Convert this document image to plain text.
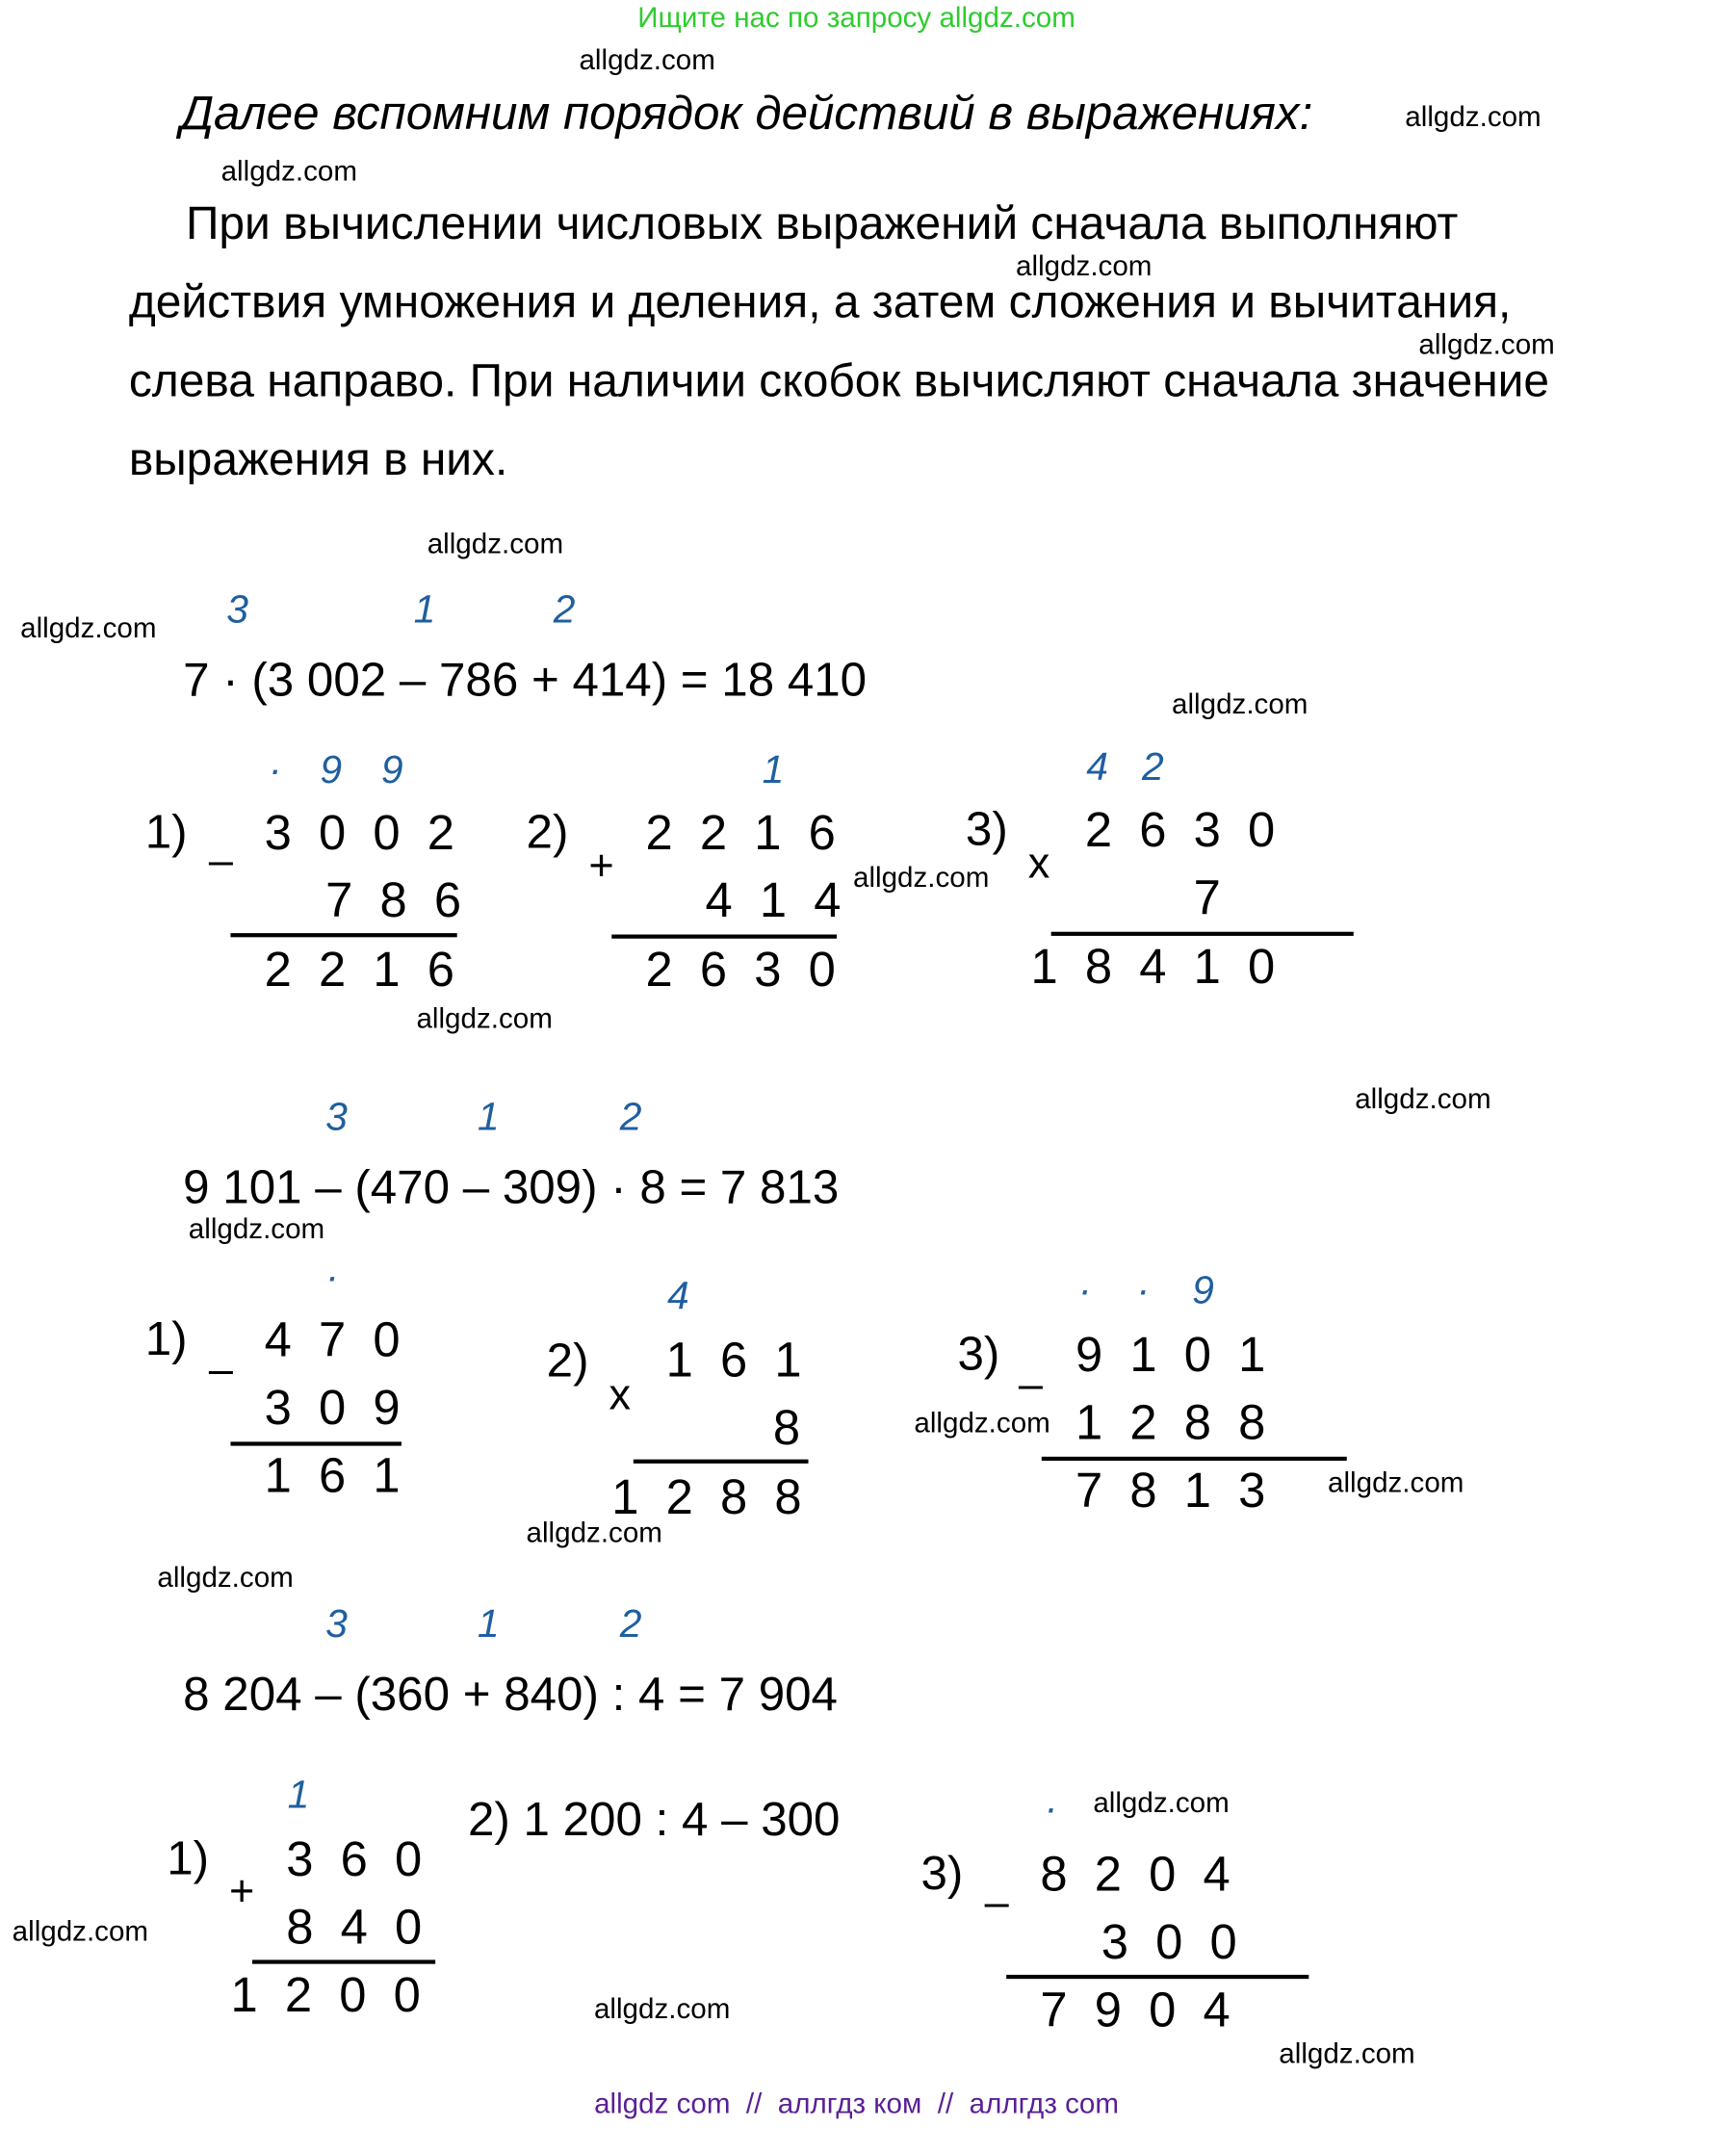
Ищите нас по запросу allgdz.com
Далее вспомним порядок действий в выражениях:
При вычислении числовых выражений сначала выполняют
действия умножения и деления, а затем сложения и вычитания,
слева направо. При наличии скобок вычисляют сначала значение
выражения в них.
3	1	2
7 · (3 002 – 786 + 414) = 18 410
1)
–
· 9 9
3002
786
2216
2)
+
1
2216
414
2630
3)
x
4 2
2630
7
18410
3	1	2
9 101 – (470 – 309) · 8 = 7 813
1)
–
·
470
309
161
2)
x
4
161
8
1288
3)
–
· · 9
9101
1288
7813
3	1	2
8 204 – (360 + 840) : 4 = 7 904
1)
+
1
360
840
1200
2) 1 200 : 4 – 300
3)
–
·
8204
300
7904
allgdz.com
allgdz.com
allgdz.com
allgdz.com
allgdz.com
allgdz.com
allgdz.com
allgdz.com
allgdz.com
allgdz.com
allgdz.com
allgdz.com
allgdz.com
allgdz.com
allgdz.com
allgdz.com
allgdz.com
allgdz.com
allgdz.com
allgdz.com
allgdz com  //  аллгдз ком  //  аллгдз com
